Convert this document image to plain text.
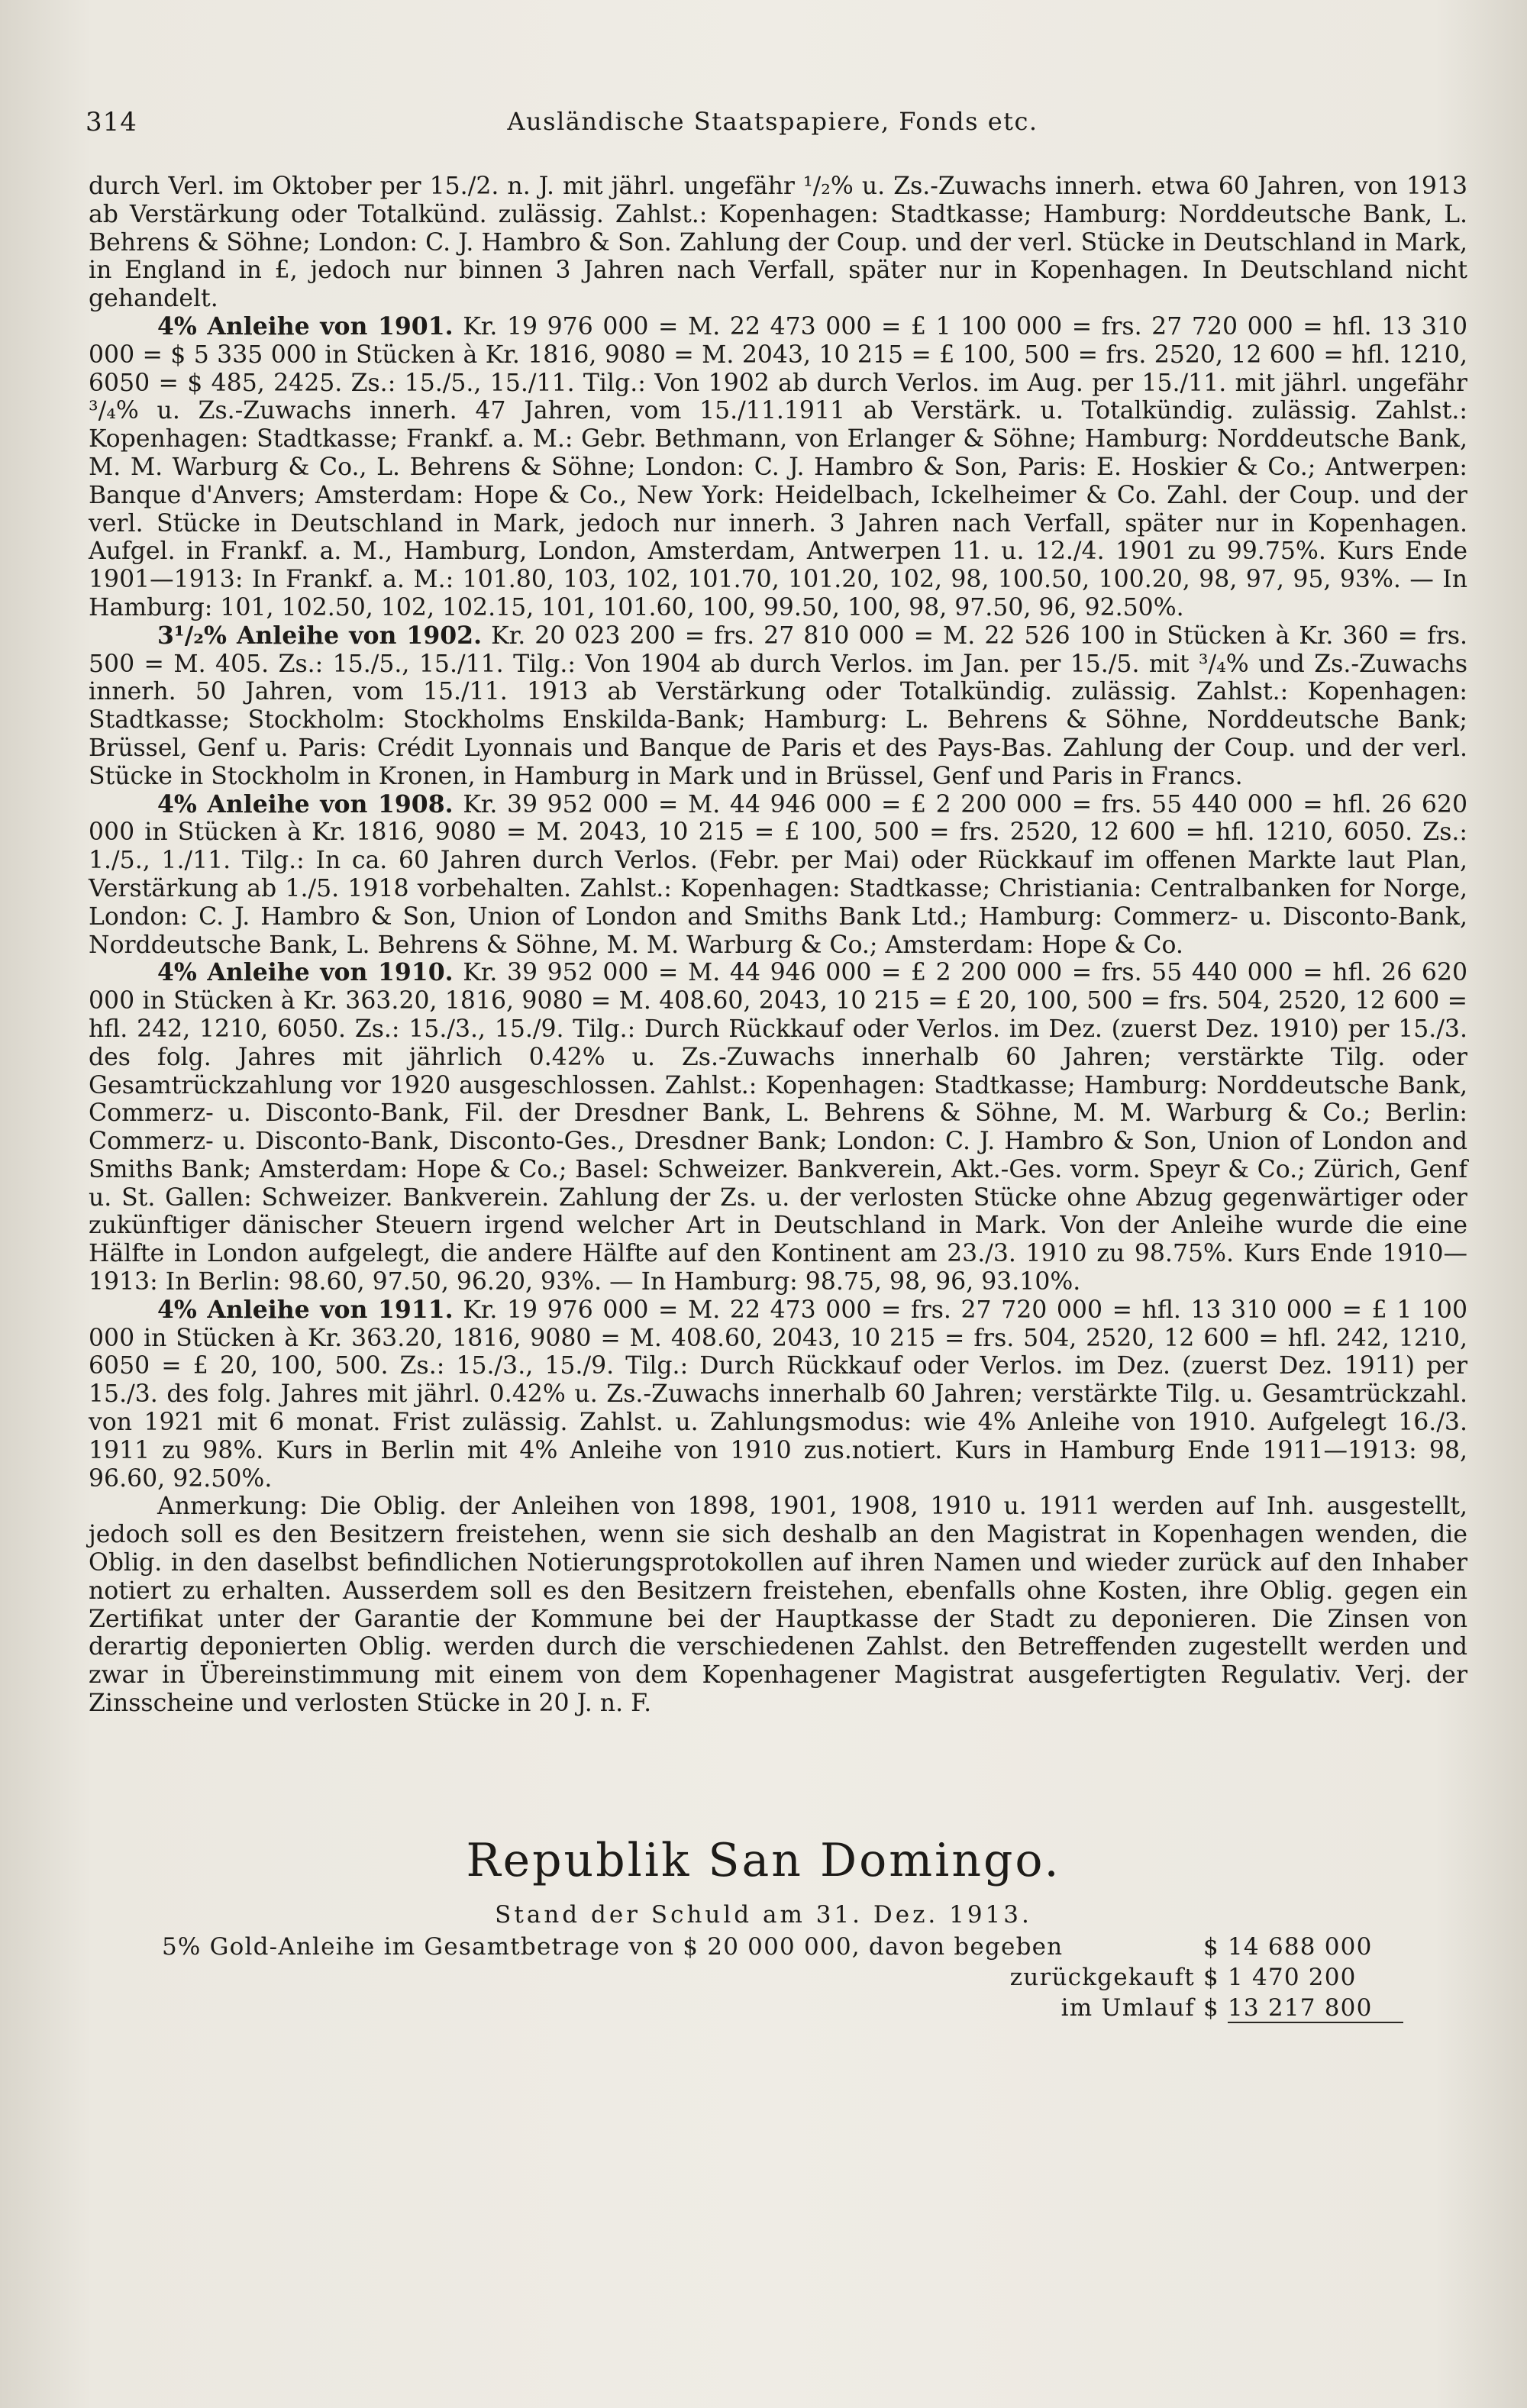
314	Ausländische Staatspapiere, Fonds etc.

durch Verl. im Oktober per 15./2. n. J. mit jährl. ungefähr ¹/₂% u. Zs.-Zuwachs innerh. etwa 60 Jahren, von 1913 ab Verstärkung oder Totalkünd. zulässig. Zahlst.: Kopenhagen: Stadtkasse; Hamburg: Norddeutsche Bank, L. Behrens & Söhne; London: C. J. Hambro & Son. Zahlung der Coup. und der verl. Stücke in Deutschland in Mark, in England in £, jedoch nur binnen 3 Jahren nach Verfall, später nur in Kopenhagen. In Deutschland nicht gehandelt.

4% Anleihe von 1901. Kr. 19 976 000 = M. 22 473 000 = £ 1 100 000 = frs. 27 720 000 = hfl. 13 310 000 = $ 5 335 000 in Stücken à Kr. 1816, 9080 = M. 2043, 10 215 = £ 100, 500 = frs. 2520, 12 600 = hfl. 1210, 6050 = $ 485, 2425. Zs.: 15./5., 15./11. Tilg.: Von 1902 ab durch Verlos. im Aug. per 15./11. mit jährl. ungefähr ³/₄% u. Zs.-Zuwachs innerh. 47 Jahren, vom 15./11.1911 ab Verstärk. u. Totalkündig. zulässig. Zahlst.: Kopenhagen: Stadtkasse; Frankf. a. M.: Gebr. Bethmann, von Erlanger & Söhne; Hamburg: Norddeutsche Bank, M. M. Warburg & Co., L. Behrens & Söhne; London: C. J. Hambro & Son, Paris: E. Hoskier & Co.; Antwerpen: Banque d'Anvers; Amsterdam: Hope & Co., New York: Heidelbach, Ickelheimer & Co. Zahl. der Coup. und der verl. Stücke in Deutschland in Mark, jedoch nur innerh. 3 Jahren nach Verfall, später nur in Kopenhagen. Aufgel. in Frankf. a. M., Hamburg, London, Amsterdam, Antwerpen 11. u. 12./4. 1901 zu 99.75%. Kurs Ende 1901—1913: In Frankf. a. M.: 101.80, 103, 102, 101.70, 101.20, 102, 98, 100.50, 100.20, 98, 97, 95, 93%. — In Hamburg: 101, 102.50, 102, 102.15, 101, 101.60, 100, 99.50, 100, 98, 97.50, 96, 92.50%.

3¹/₂% Anleihe von 1902. Kr. 20 023 200 = frs. 27 810 000 = M. 22 526 100 in Stücken à Kr. 360 = frs. 500 = M. 405. Zs.: 15./5., 15./11. Tilg.: Von 1904 ab durch Verlos. im Jan. per 15./5. mit ³/₄% und Zs.-Zuwachs innerh. 50 Jahren, vom 15./11. 1913 ab Verstärkung oder Totalkündig. zulässig. Zahlst.: Kopenhagen: Stadtkasse; Stockholm: Stockholms Enskilda-Bank; Hamburg: L. Behrens & Söhne, Norddeutsche Bank; Brüssel, Genf u. Paris: Crédit Lyonnais und Banque de Paris et des Pays-Bas. Zahlung der Coup. und der verl. Stücke in Stockholm in Kronen, in Hamburg in Mark und in Brüssel, Genf und Paris in Francs.

4% Anleihe von 1908. Kr. 39 952 000 = M. 44 946 000 = £ 2 200 000 = frs. 55 440 000 = hfl. 26 620 000 in Stücken à Kr. 1816, 9080 = M. 2043, 10 215 = £ 100, 500 = frs. 2520, 12 600 = hfl. 1210, 6050. Zs.: 1./5., 1./11. Tilg.: In ca. 60 Jahren durch Verlos. (Febr. per Mai) oder Rückkauf im offenen Markte laut Plan, Verstärkung ab 1./5. 1918 vorbehalten. Zahlst.: Kopenhagen: Stadtkasse; Christiania: Centralbanken for Norge, London: C. J. Hambro & Son, Union of London and Smiths Bank Ltd.; Hamburg: Commerz- u. Disconto-Bank, Norddeutsche Bank, L. Behrens & Söhne, M. M. Warburg & Co.; Amsterdam: Hope & Co.

4% Anleihe von 1910. Kr. 39 952 000 = M. 44 946 000 = £ 2 200 000 = frs. 55 440 000 = hfl. 26 620 000 in Stücken à Kr. 363.20, 1816, 9080 = M. 408.60, 2043, 10 215 = £ 20, 100, 500 = frs. 504, 2520, 12 600 = hfl. 242, 1210, 6050. Zs.: 15./3., 15./9. Tilg.: Durch Rückkauf oder Verlos. im Dez. (zuerst Dez. 1910) per 15./3. des folg. Jahres mit jährlich 0.42% u. Zs.-Zuwachs innerhalb 60 Jahren; verstärkte Tilg. oder Gesamtrückzahlung vor 1920 ausgeschlossen. Zahlst.: Kopenhagen: Stadtkasse; Hamburg: Norddeutsche Bank, Commerz- u. Disconto-Bank, Fil. der Dresdner Bank, L. Behrens & Söhne, M. M. Warburg & Co.; Berlin: Commerz- u. Disconto-Bank, Disconto-Ges., Dresdner Bank; London: C. J. Hambro & Son, Union of London and Smiths Bank; Amsterdam: Hope & Co.; Basel: Schweizer. Bankverein, Akt.-Ges. vorm. Speyr & Co.; Zürich, Genf u. St. Gallen: Schweizer. Bankverein. Zahlung der Zs. u. der verlosten Stücke ohne Abzug gegenwärtiger oder zukünftiger dänischer Steuern irgend welcher Art in Deutschland in Mark. Von der Anleihe wurde die eine Hälfte in London aufgelegt, die andere Hälfte auf den Kontinent am 23./3. 1910 zu 98.75%. Kurs Ende 1910—1913: In Berlin: 98.60, 97.50, 96.20, 93%. — In Hamburg: 98.75, 98, 96, 93.10%.

4% Anleihe von 1911. Kr. 19 976 000 = M. 22 473 000 = frs. 27 720 000 = hfl. 13 310 000 = £ 1 100 000 in Stücken à Kr. 363.20, 1816, 9080 = M. 408.60, 2043, 10 215 = frs. 504, 2520, 12 600 = hfl. 242, 1210, 6050 = £ 20, 100, 500. Zs.: 15./3., 15./9. Tilg.: Durch Rückkauf oder Verlos. im Dez. (zuerst Dez. 1911) per 15./3. des folg. Jahres mit jährl. 0.42% u. Zs.-Zuwachs innerhalb 60 Jahren; verstärkte Tilg. u. Gesamtrückzahl. von 1921 mit 6 monat. Frist zulässig. Zahlst. u. Zahlungsmodus: wie 4% Anleihe von 1910. Aufgelegt 16./3. 1911 zu 98%. Kurs in Berlin mit 4% Anleihe von 1910 zus.notiert. Kurs in Hamburg Ende 1911—1913: 98, 96.60, 92.50%.

Anmerkung: Die Oblig. der Anleihen von 1898, 1901, 1908, 1910 u. 1911 werden auf Inh. ausgestellt, jedoch soll es den Besitzern freistehen, wenn sie sich deshalb an den Magistrat in Kopenhagen wenden, die Oblig. in den daselbst befindlichen Notierungsprotokollen auf ihren Namen und wieder zurück auf den Inhaber notiert zu erhalten. Ausserdem soll es den Besitzern freistehen, ebenfalls ohne Kosten, ihre Oblig. gegen ein Zertifikat unter der Garantie der Kommune bei der Hauptkasse der Stadt zu deponieren. Die Zinsen von derartig deponierten Oblig. werden durch die verschiedenen Zahlst. den Betreffenden zugestellt werden und zwar in Übereinstimmung mit einem von dem Kopenhagener Magistrat ausgefertigten Regulativ. Verj. der Zinsscheine und verlosten Stücke in 20 J. n. F.

Republik San Domingo.
Stand der Schuld am 31. Dez. 1913.
5% Gold-Anleihe im Gesamtbetrage von $ 20 000 000, davon begeben	$ 14 688 000
zurückgekauft $ 1 470 200
im Umlauf $ 13 217 800
